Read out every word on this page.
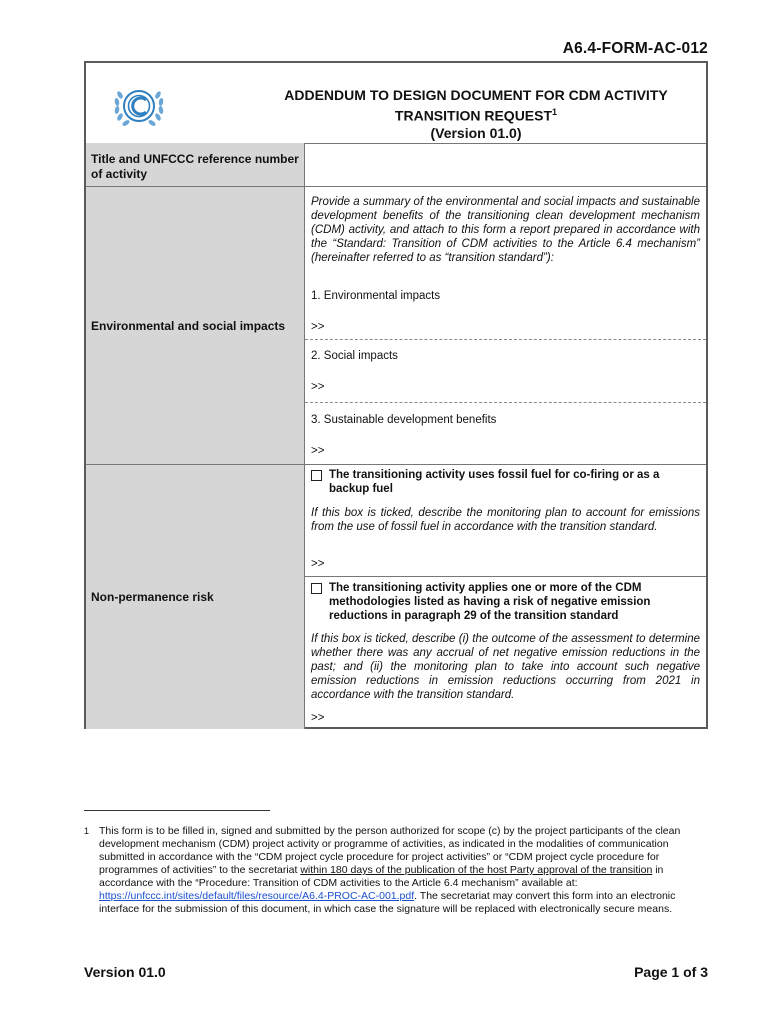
A6.4-FORM-AC-012
ADDENDUM TO DESIGN DOCUMENT FOR CDM ACTIVITY
TRANSITION REQUEST$^1$
(Version 01.0)
Title and UNFCCC reference number of activity
Environmental and social impacts
Provide a summary of the environmental and social impacts and sustainable development benefits of the transitioning clean development mechanism (CDM) activity, and attach to this form a report prepared in accordance with the “Standard: Transition of CDM activities to the Article 6.4 mechanism” (hereinafter referred to as “transition standard”):
1. Environmental impacts
>>
2. Social impacts
>>
3. Sustainable development benefits
>>
Non-permanence risk
The transitioning activity uses fossil fuel for co-firing or as a backup fuel
If this box is ticked, describe the monitoring plan to account for emissions from the use of fossil fuel in accordance with the transition standard.
>>
The transitioning activity applies one or more of the CDM methodologies listed as having a risk of negative emission reductions in paragraph 29 of the transition standard
If this box is ticked, describe (i) the outcome of the assessment to determine whether there was any accrual of net negative emission reductions in the past; and (ii) the monitoring plan to take into account such negative emission reductions in emission reductions occurring from 2021 in accordance with the transition standard.
>>
1 This form is to be filled in, signed and submitted by the person authorized for scope (c) by the project participants of the clean development mechanism (CDM) project activity or programme of activities, as indicated in the modalities of communication submitted in accordance with the “CDM project cycle procedure for project activities” or “CDM project cycle procedure for programmes of activities” to the secretariat within 180 days of the publication of the host Party approval of the transition in accordance with the “Procedure: Transition of CDM activities to the Article 6.4 mechanism” available at: https://unfccc.int/sites/default/files/resource/A6.4-PROC-AC-001.pdf. The secretariat may convert this form into an electronic interface for the submission of this document, in which case the signature will be replaced with electronically secure means.
Version 01.0	Page 1 of 3
